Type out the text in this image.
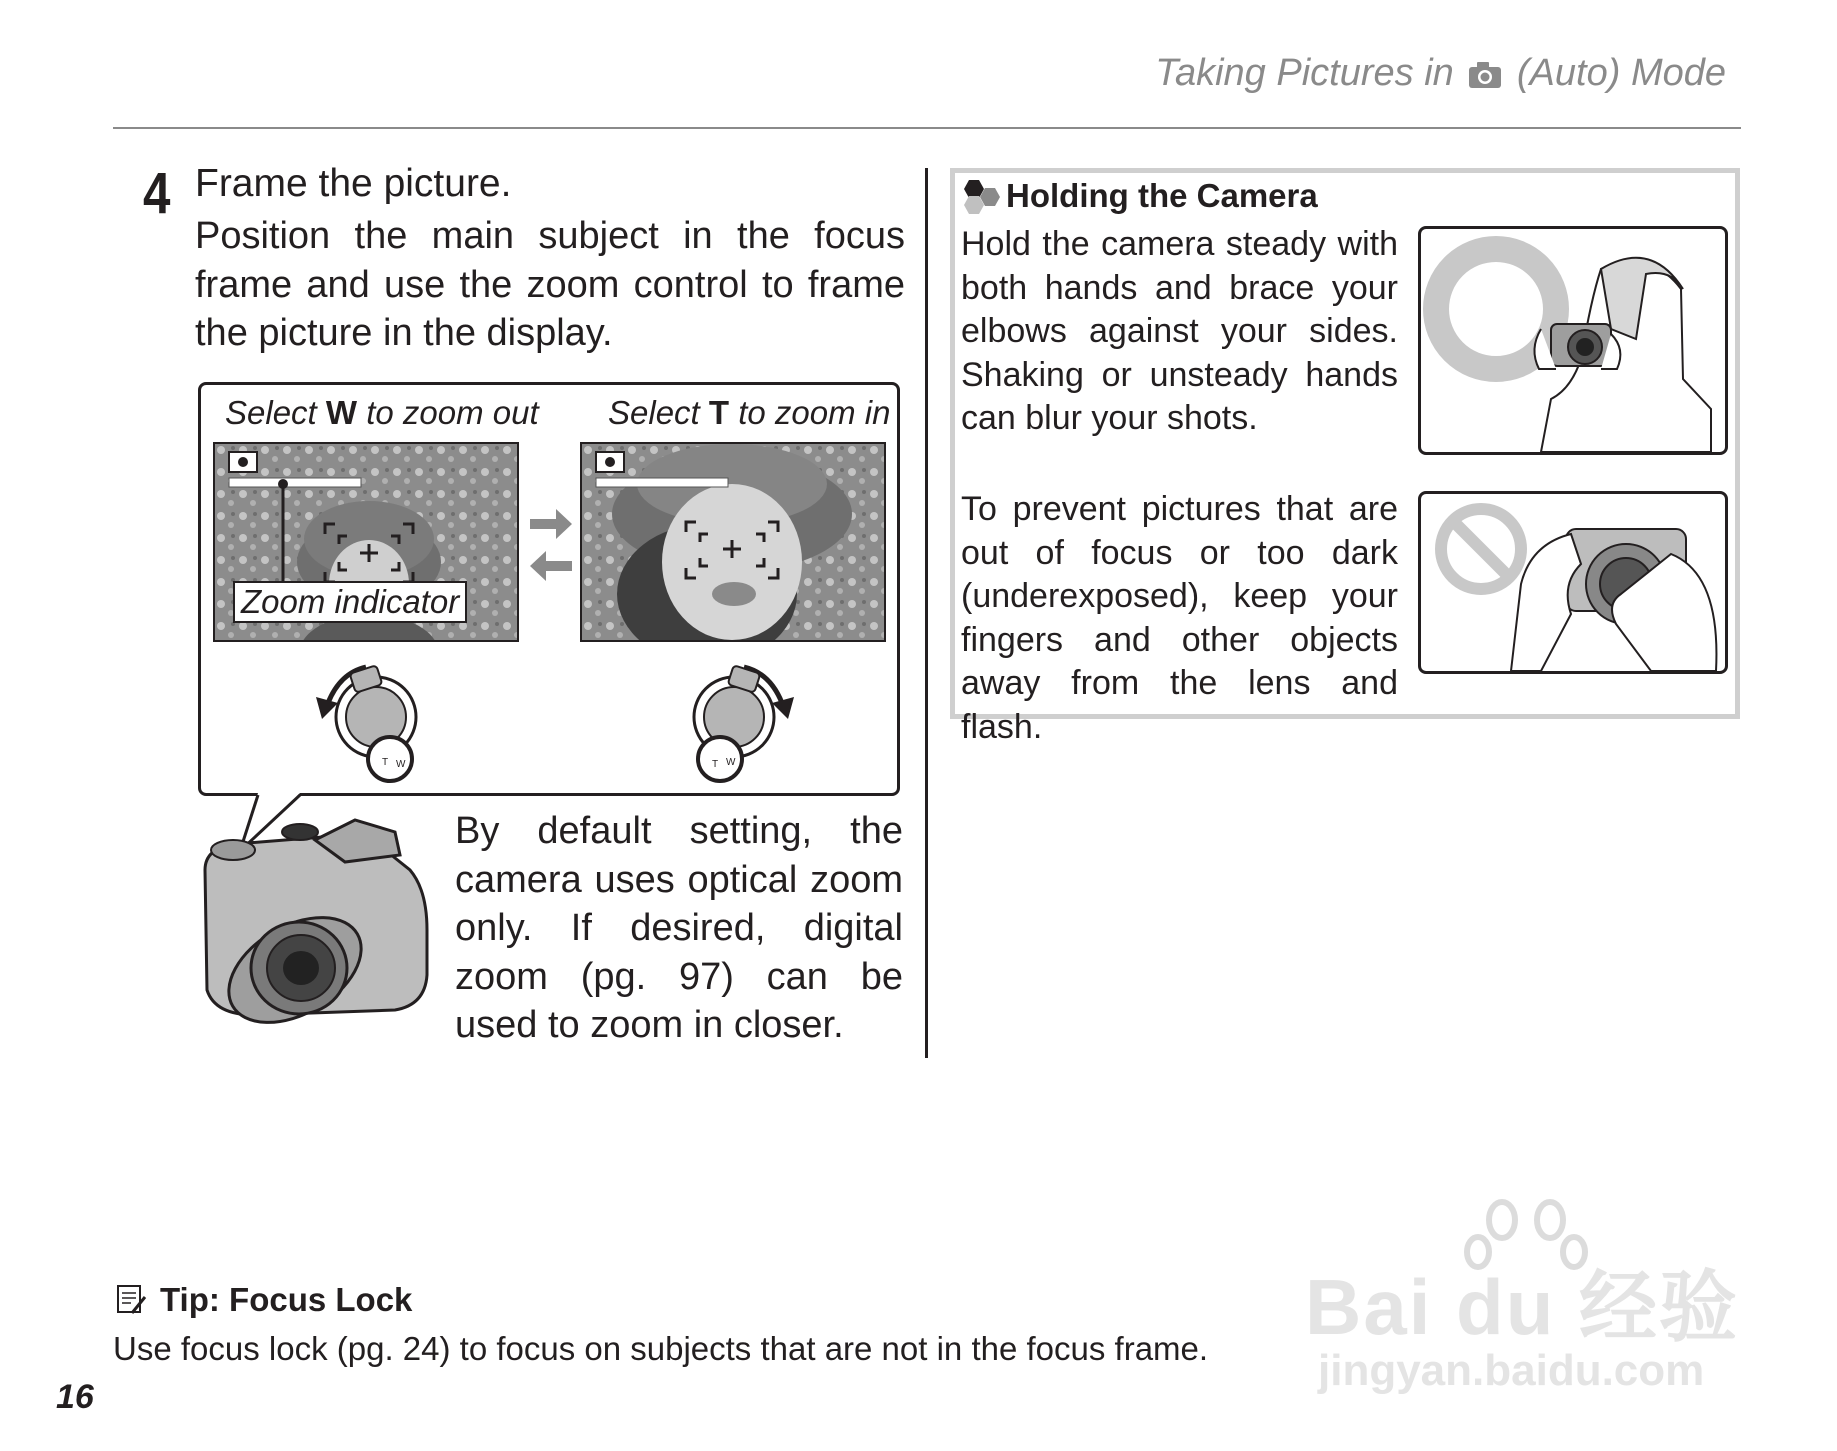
Taking Pictures in (Auto) Mode
4 Frame the picture.
Position the main subject in the focus frame and use the zoom control to frame the picture in the display.
Select W to zoom out Select T to zoom in
Zoom indicator
T W	T W
By default setting, the camera uses optical zoom only. If desired, digital zoom (pg. 97) can be used to zoom in closer.
Holding the Camera
Hold the camera steady with both hands and brace your elbows against your sides. Shaking or unsteady hands can blur your shots.
To prevent pictures that are out of focus or too dark (underexposed), keep your fingers and other objects away from the lens and flash.
Tip: Focus Lock
Use focus lock (pg. 24) to focus on subjects that are not in the focus frame.
16
Bai du 经验
jingyan.baidu.com
